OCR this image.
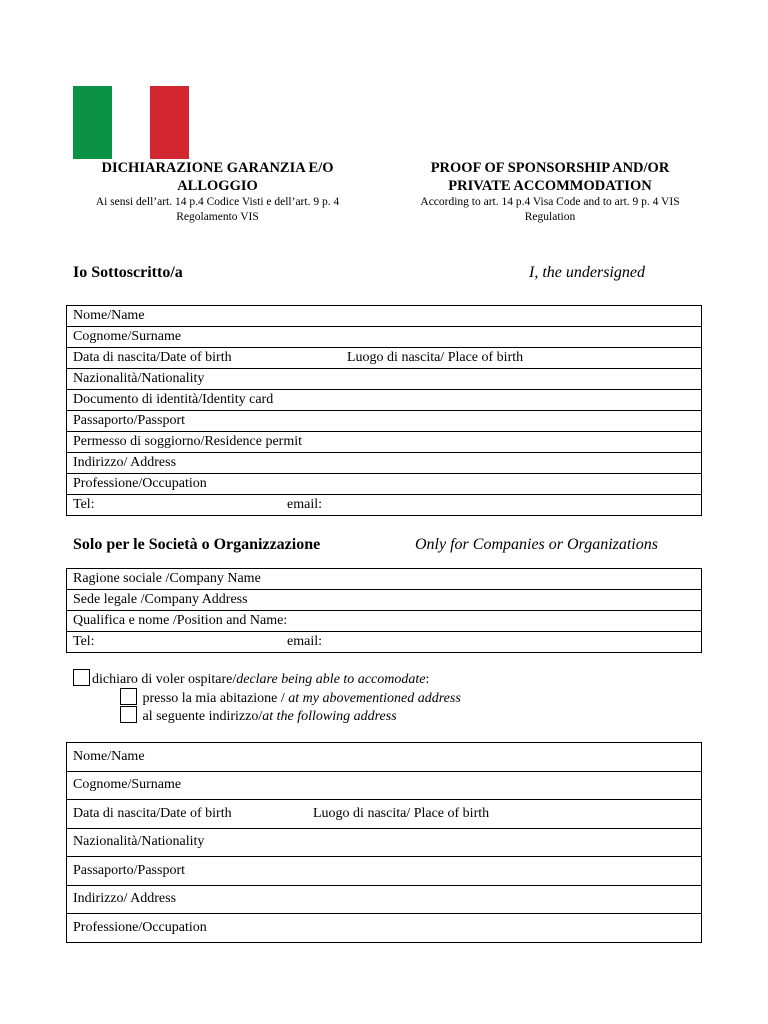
DICHIARAZIONE GARANZIA E/O ALLOGGIO
Ai sensi dell’art. 14 p.4 Codice Visti e dell’art. 9 p. 4 Regolamento VIS
PROOF OF SPONSORSHIP AND/OR PRIVATE ACCOMMODATION
According to art. 14 p.4 Visa Code and to art. 9 p. 4 VIS Regulation
Io Sottoscritto/a	I, the undersigned
Nome/Name
Cognome/Surname
Data di nascita/Date of birth	Luogo di nascita/ Place of birth
Nazionalità/Nationality
Documento di identità/Identity card
Passaporto/Passport
Permesso di soggiorno/Residence permit
Indirizzo/ Address
Professione/Occupation
Tel:	email:
Solo per le Società o Organizzazione	Only for Companies or Organizations
Ragione sociale /Company Name
Sede legale /Company Address
Qualifica e nome /Position and Name:
Tel:	email:
dichiaro di voler ospitare/declare being able to accomodate:
presso la mia abitazione / at my abovementioned address
al seguente indirizzo/at the following address
Nome/Name
Cognome/Surname
Data di nascita/Date of birth	Luogo di nascita/ Place of birth
Nazionalità/Nationality
Passaporto/Passport
Indirizzo/ Address
Professione/Occupation
